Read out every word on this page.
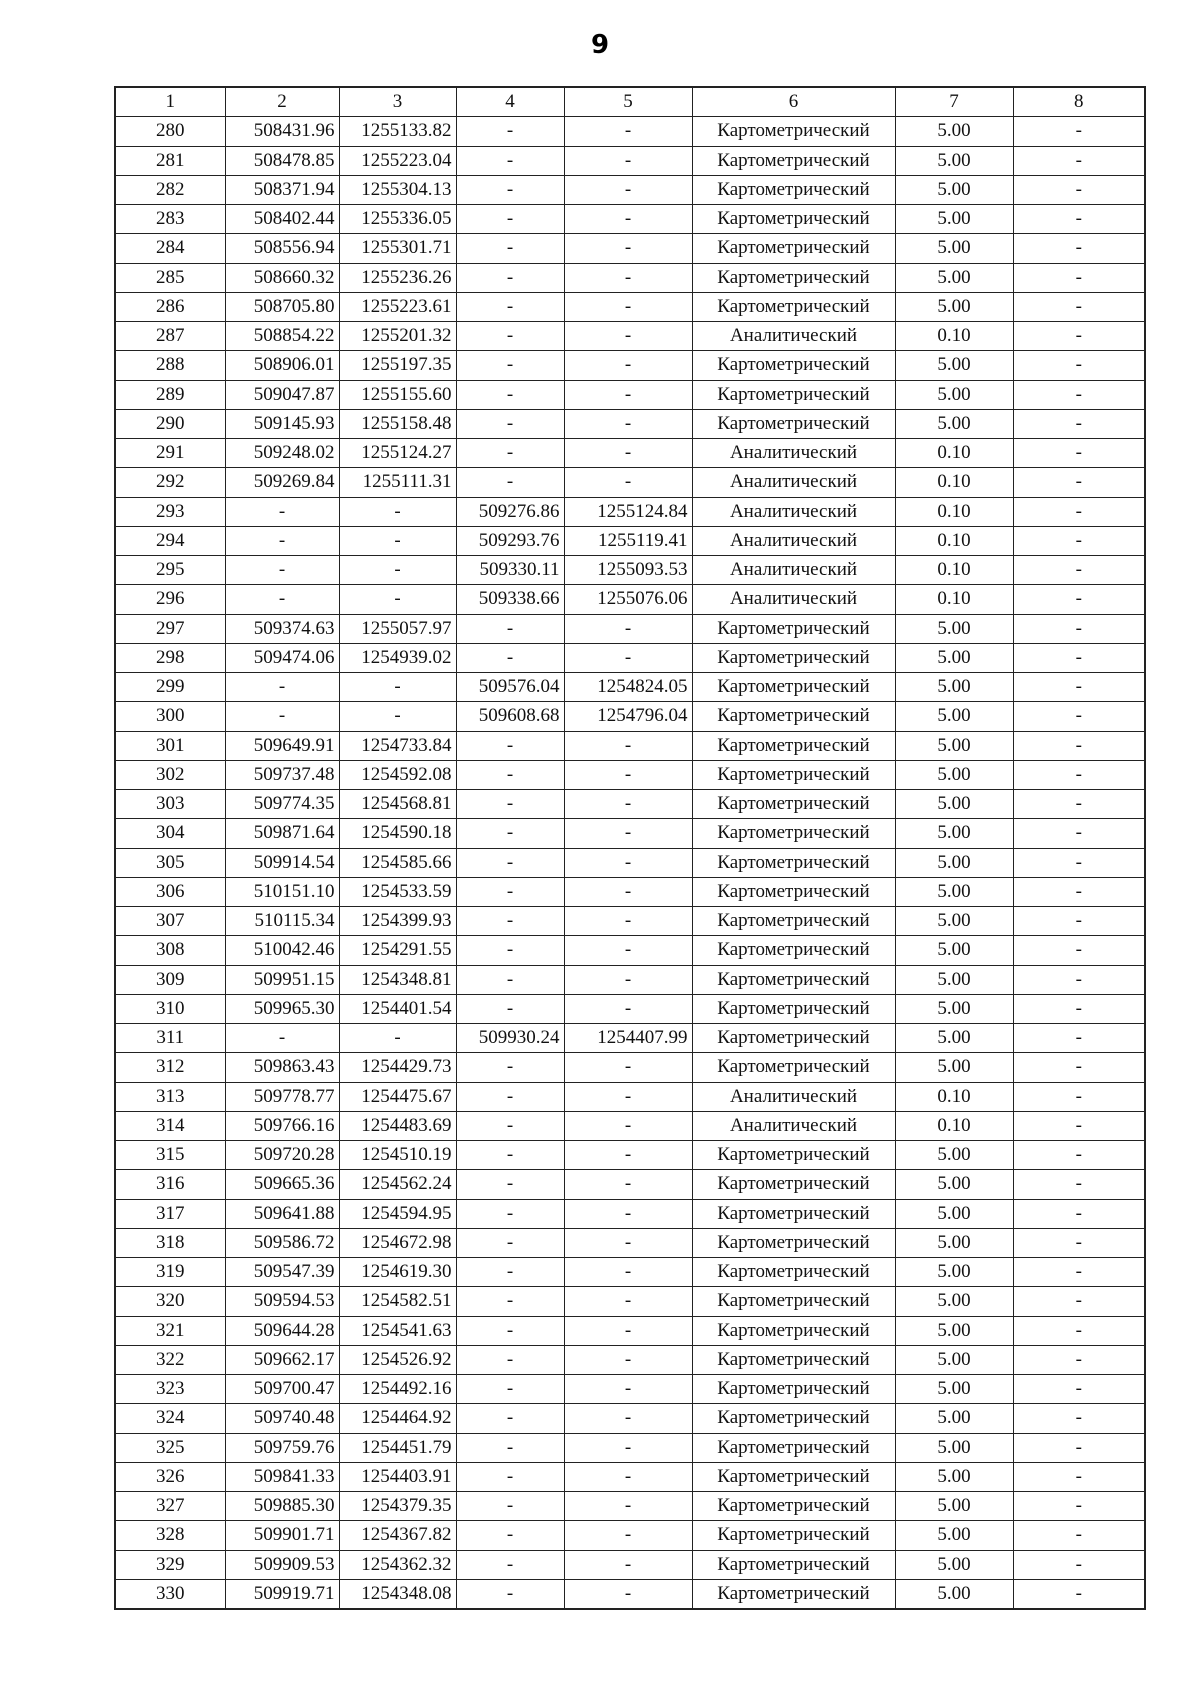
9
1	2	3	4	5	6	7	8
280	508431.96	1255133.82	-	-	Картометрический	5.00	-
281	508478.85	1255223.04	-	-	Картометрический	5.00	-
282	508371.94	1255304.13	-	-	Картометрический	5.00	-
283	508402.44	1255336.05	-	-	Картометрический	5.00	-
284	508556.94	1255301.71	-	-	Картометрический	5.00	-
285	508660.32	1255236.26	-	-	Картометрический	5.00	-
286	508705.80	1255223.61	-	-	Картометрический	5.00	-
287	508854.22	1255201.32	-	-	Аналитический	0.10	-
288	508906.01	1255197.35	-	-	Картометрический	5.00	-
289	509047.87	1255155.60	-	-	Картометрический	5.00	-
290	509145.93	1255158.48	-	-	Картометрический	5.00	-
291	509248.02	1255124.27	-	-	Аналитический	0.10	-
292	509269.84	1255111.31	-	-	Аналитический	0.10	-
293	-	-	509276.86	1255124.84	Аналитический	0.10	-
294	-	-	509293.76	1255119.41	Аналитический	0.10	-
295	-	-	509330.11	1255093.53	Аналитический	0.10	-
296	-	-	509338.66	1255076.06	Аналитический	0.10	-
297	509374.63	1255057.97	-	-	Картометрический	5.00	-
298	509474.06	1254939.02	-	-	Картометрический	5.00	-
299	-	-	509576.04	1254824.05	Картометрический	5.00	-
300	-	-	509608.68	1254796.04	Картометрический	5.00	-
301	509649.91	1254733.84	-	-	Картометрический	5.00	-
302	509737.48	1254592.08	-	-	Картометрический	5.00	-
303	509774.35	1254568.81	-	-	Картометрический	5.00	-
304	509871.64	1254590.18	-	-	Картометрический	5.00	-
305	509914.54	1254585.66	-	-	Картометрический	5.00	-
306	510151.10	1254533.59	-	-	Картометрический	5.00	-
307	510115.34	1254399.93	-	-	Картометрический	5.00	-
308	510042.46	1254291.55	-	-	Картометрический	5.00	-
309	509951.15	1254348.81	-	-	Картометрический	5.00	-
310	509965.30	1254401.54	-	-	Картометрический	5.00	-
311	-	-	509930.24	1254407.99	Картометрический	5.00	-
312	509863.43	1254429.73	-	-	Картометрический	5.00	-
313	509778.77	1254475.67	-	-	Аналитический	0.10	-
314	509766.16	1254483.69	-	-	Аналитический	0.10	-
315	509720.28	1254510.19	-	-	Картометрический	5.00	-
316	509665.36	1254562.24	-	-	Картометрический	5.00	-
317	509641.88	1254594.95	-	-	Картометрический	5.00	-
318	509586.72	1254672.98	-	-	Картометрический	5.00	-
319	509547.39	1254619.30	-	-	Картометрический	5.00	-
320	509594.53	1254582.51	-	-	Картометрический	5.00	-
321	509644.28	1254541.63	-	-	Картометрический	5.00	-
322	509662.17	1254526.92	-	-	Картометрический	5.00	-
323	509700.47	1254492.16	-	-	Картометрический	5.00	-
324	509740.48	1254464.92	-	-	Картометрический	5.00	-
325	509759.76	1254451.79	-	-	Картометрический	5.00	-
326	509841.33	1254403.91	-	-	Картометрический	5.00	-
327	509885.30	1254379.35	-	-	Картометрический	5.00	-
328	509901.71	1254367.82	-	-	Картометрический	5.00	-
329	509909.53	1254362.32	-	-	Картометрический	5.00	-
330	509919.71	1254348.08	-	-	Картометрический	5.00	-
